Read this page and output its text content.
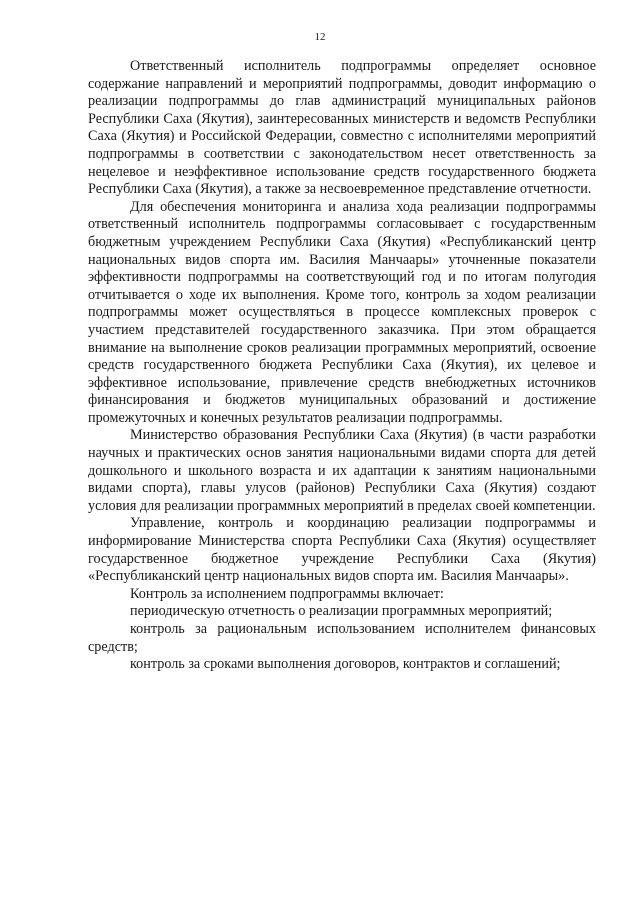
12

Ответственный исполнитель подпрограммы определяет основное содержание направлений и мероприятий подпрограммы, доводит информацию о реализации подпрограммы до глав администраций муниципальных районов Республики Саха (Якутия), заинтересованных министерств и ведомств Республики Саха (Якутия) и Российской Федерации, совместно с исполнителями мероприятий подпрограммы в соответствии с законодательством несет ответственность за нецелевое и неэффективное использование средств государственного бюджета Республики Саха (Якутия), а также за несвоевременное представление отчетности.

Для обеспечения мониторинга и анализа хода реализации подпрограммы ответственный исполнитель подпрограммы согласовывает с государственным бюджетным учреждением Республики Саха (Якутия) «Республиканский центр национальных видов спорта им. Василия Манчаары» уточненные показатели эффективности подпрограммы на соответствующий год и по итогам полугодия отчитывается о ходе их выполнения. Кроме того, контроль за ходом реализации подпрограммы может осуществляться в процессе комплексных проверок с участием представителей государственного заказчика. При этом обращается внимание на выполнение сроков реализации программных мероприятий, освоение средств государственного бюджета Республики Саха (Якутия), их целевое и эффективное использование, привлечение средств внебюджетных источников финансирования и бюджетов муниципальных образований и достижение промежуточных и конечных результатов реализации подпрограммы.

Министерство образования Республики Саха (Якутия) (в части разработки научных и практических основ занятия национальными видами спорта для детей дошкольного и школьного возраста и их адаптации к занятиям национальными видами спорта), главы улусов (районов) Республики Саха (Якутия) создают условия для реализации программных мероприятий в пределах своей компетенции.

Управление, контроль и координацию реализации подпрограммы и информирование Министерства спорта Республики Саха (Якутия) осуществляет государственное бюджетное учреждение Республики Саха (Якутия) «Республиканский центр национальных видов спорта им. Василия Манчаары».

Контроль за исполнением подпрограммы включает:

периодическую отчетность о реализации программных мероприятий;

контроль за рациональным использованием исполнителем финансовых средств;

контроль за сроками выполнения договоров, контрактов и соглашений;
